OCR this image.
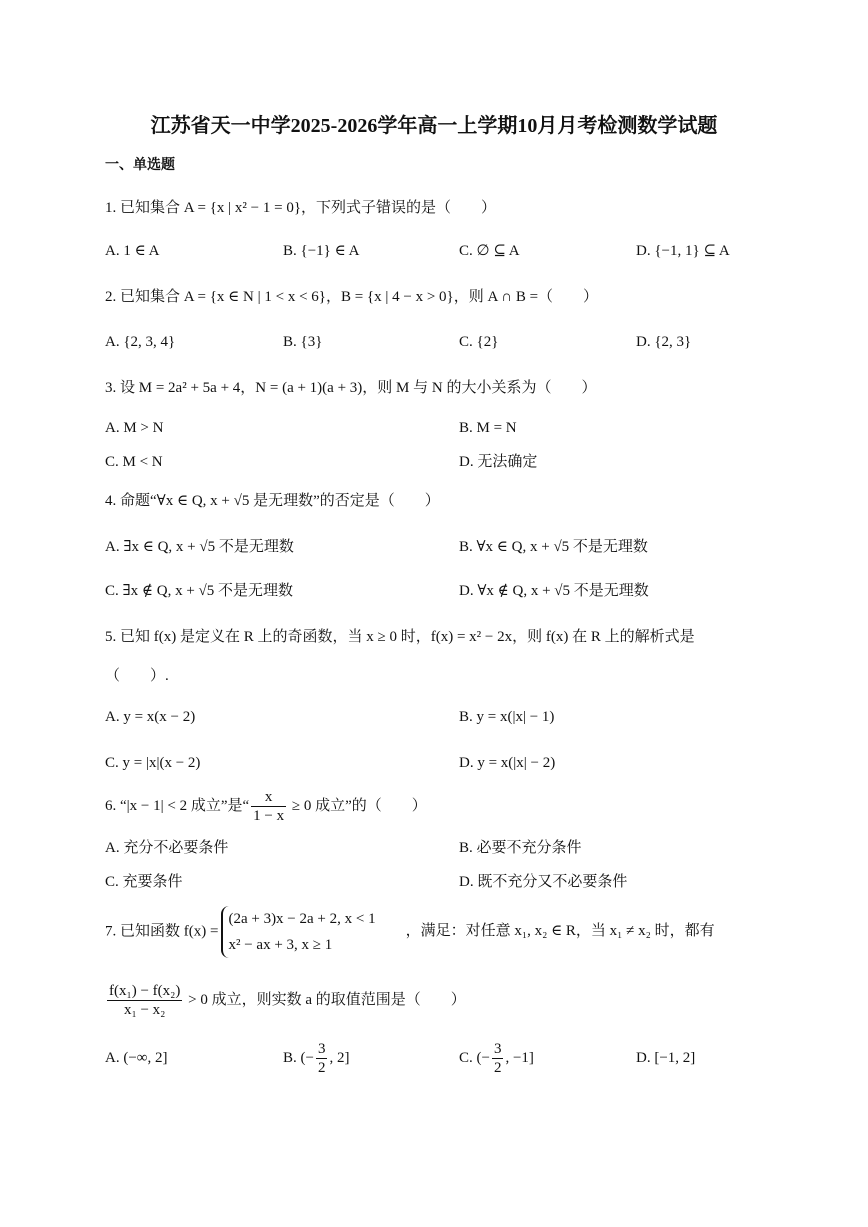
江苏省天一中学2025-2026学年高一上学期10月月考检测数学试题
一、单选题
1. 已知集合 A = {x | x² − 1 = 0}，下列式子错误的是（　　）
A. 1 ∈ A	B. {−1} ∈ A	C. ∅ ⊆ A	D. {−1, 1} ⊆ A
2. 已知集合 A = {x ∈ N | 1 < x < 6}，B = {x | 4 − x > 0}，则 A ∩ B =（　　）
A. {2, 3, 4}	B. {3}	C. {2}	D. {2, 3}
3. 设 M = 2a² + 5a + 4，N = (a + 1)(a + 3)，则 M 与 N 的大小关系为（　　）
A. M > N	B. M = N
C. M < N	D. 无法确定
4. 命题“∀x ∈ Q, x + √5 是无理数”的否定是（　　）
A. ∃x ∈ Q, x + √5 不是无理数	B. ∀x ∈ Q, x + √5 不是无理数
C. ∃x ∉ Q, x + √5 不是无理数	D. ∀x ∉ Q, x + √5 不是无理数
5. 已知 f(x) 是定义在 R 上的奇函数，当 x ≥ 0 时，f(x) = x² − 2x，则 f(x) 在 R 上的解析式是
（　　）.
A. y = x(x − 2)	B. y = x(|x| − 1)
C. y = |x|(x − 2)	D. y = x(|x| − 2)
6. “|x − 1| < 2 成立”是“ $\frac{x}{1 - x} \ge 0$ 成立”的（　　）
A. 充分不必要条件	B. 必要不充分条件
C. 充要条件	D. 既不充分又不必要条件
7. 已知函数 f(x) =
(2a + 3)x − 2a + 2, x < 1
x² − ax + 3, x ≥ 1
，满足：对任意 x₁, x₂ ∈ R，当 x₁ ≠ x₂ 时，都有
$\frac{\text{f(x₁) − f(x₂)}}{\text{x₁ − x₂}} > 0$ 成立，则实数 a 的取值范围是（　　）
A. (−∞, 2]	B. (− $\frac{3}{2}$ , 2]	C. (− $\frac{3}{2}$ , −1]	D. [−1, 2]
